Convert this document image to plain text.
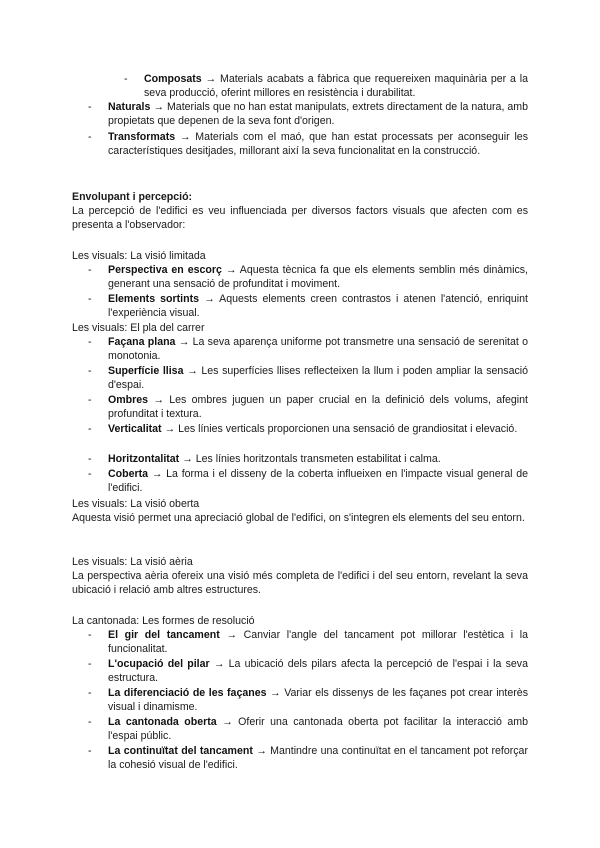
- Composats → Materials acabats a fàbrica que requereixen maquinària per a la seva producció, oferint millores en resistència i durabilitat.
- Naturals → Materials que no han estat manipulats, extrets directament de la natura, amb propietats que depenen de la seva font d'origen.
- Transformats → Materials com el maó, que han estat processats per aconseguir les característiques desitjades, millorant així la seva funcionalitat en la construcció.
Envolupant i percepció:
La percepció de l'edifici es veu influenciada per diversos factors visuals que afecten com es presenta a l'observador:
Les visuals: La visió limitada
- Perspectiva en escorç → Aquesta tècnica fa que els elements semblin més dinàmics, generant una sensació de profunditat i moviment.
- Elements sortints → Aquests elements creen contrastos i atenen l'atenció, enriquint l'experiència visual.
Les visuals: El pla del carrer
- Façana plana → La seva aparença uniforme pot transmetre una sensació de serenitat o monotonia.
- Superfície llisa → Les superfícies llises reflecteixen la llum i poden ampliar la sensació d'espai.
- Ombres → Les ombres juguen un paper crucial en la definició dels volums, afegint profunditat i textura.
- Verticalitat → Les línies verticals proporcionen una sensació de grandiositat i elevació.
- Horitzontalitat → Les línies horitzontals transmeten estabilitat i calma.
- Coberta → La forma i el disseny de la coberta influeixen en l'impacte visual general de l'edifici.
Les visuals: La visió oberta
Aquesta visió permet una apreciació global de l'edifici, on s'integren els elements del seu entorn.
Les visuals: La visió aèria
La perspectiva aèria ofereix una visió més completa de l'edifici i del seu entorn, revelant la seva ubicació i relació amb altres estructures.
La cantonada: Les formes de resolució
- El gir del tancament → Canviar l'angle del tancament pot millorar l'estètica i la funcionalitat.
- L'ocupació del pilar → La ubicació dels pilars afecta la percepció de l'espai i la seva estructura.
- La diferenciació de les façanes → Variar els dissenys de les façanes pot crear interès visual i dinamisme.
- La cantonada oberta → Oferir una cantonada oberta pot facilitar la interacció amb l'espai públic.
- La continuïtat del tancament → Mantindre una continuïtat en el tancament pot reforçar la cohesió visual de l'edifici.
